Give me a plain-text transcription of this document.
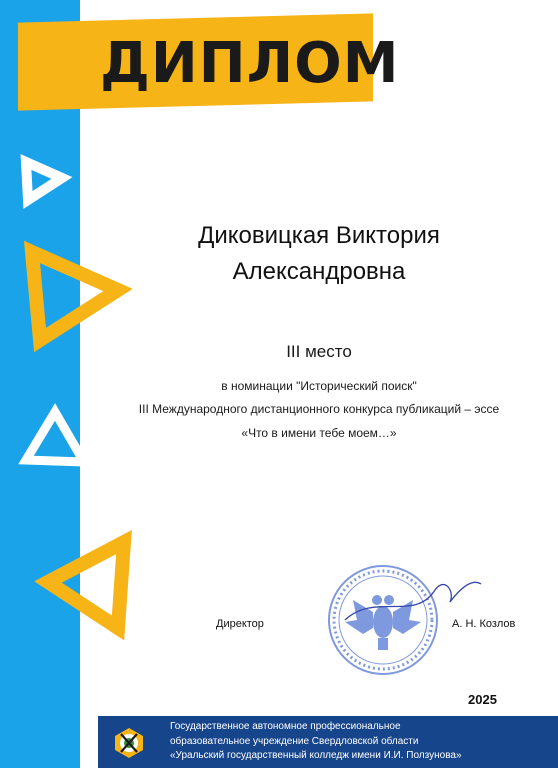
ДИПЛОМ
Диковицкая Виктория
Александровна
III место
в номинации "Исторический поиск"
III Международного дистанционного конкурса публикаций – эссе
«Что в имени тебе моем…»
Директор	А. Н. Козлов
2025
Государственное автономное профессиональное
образовательное учреждение Свердловской области
«Уральский государственный колледж имени И.И. Ползунова»
